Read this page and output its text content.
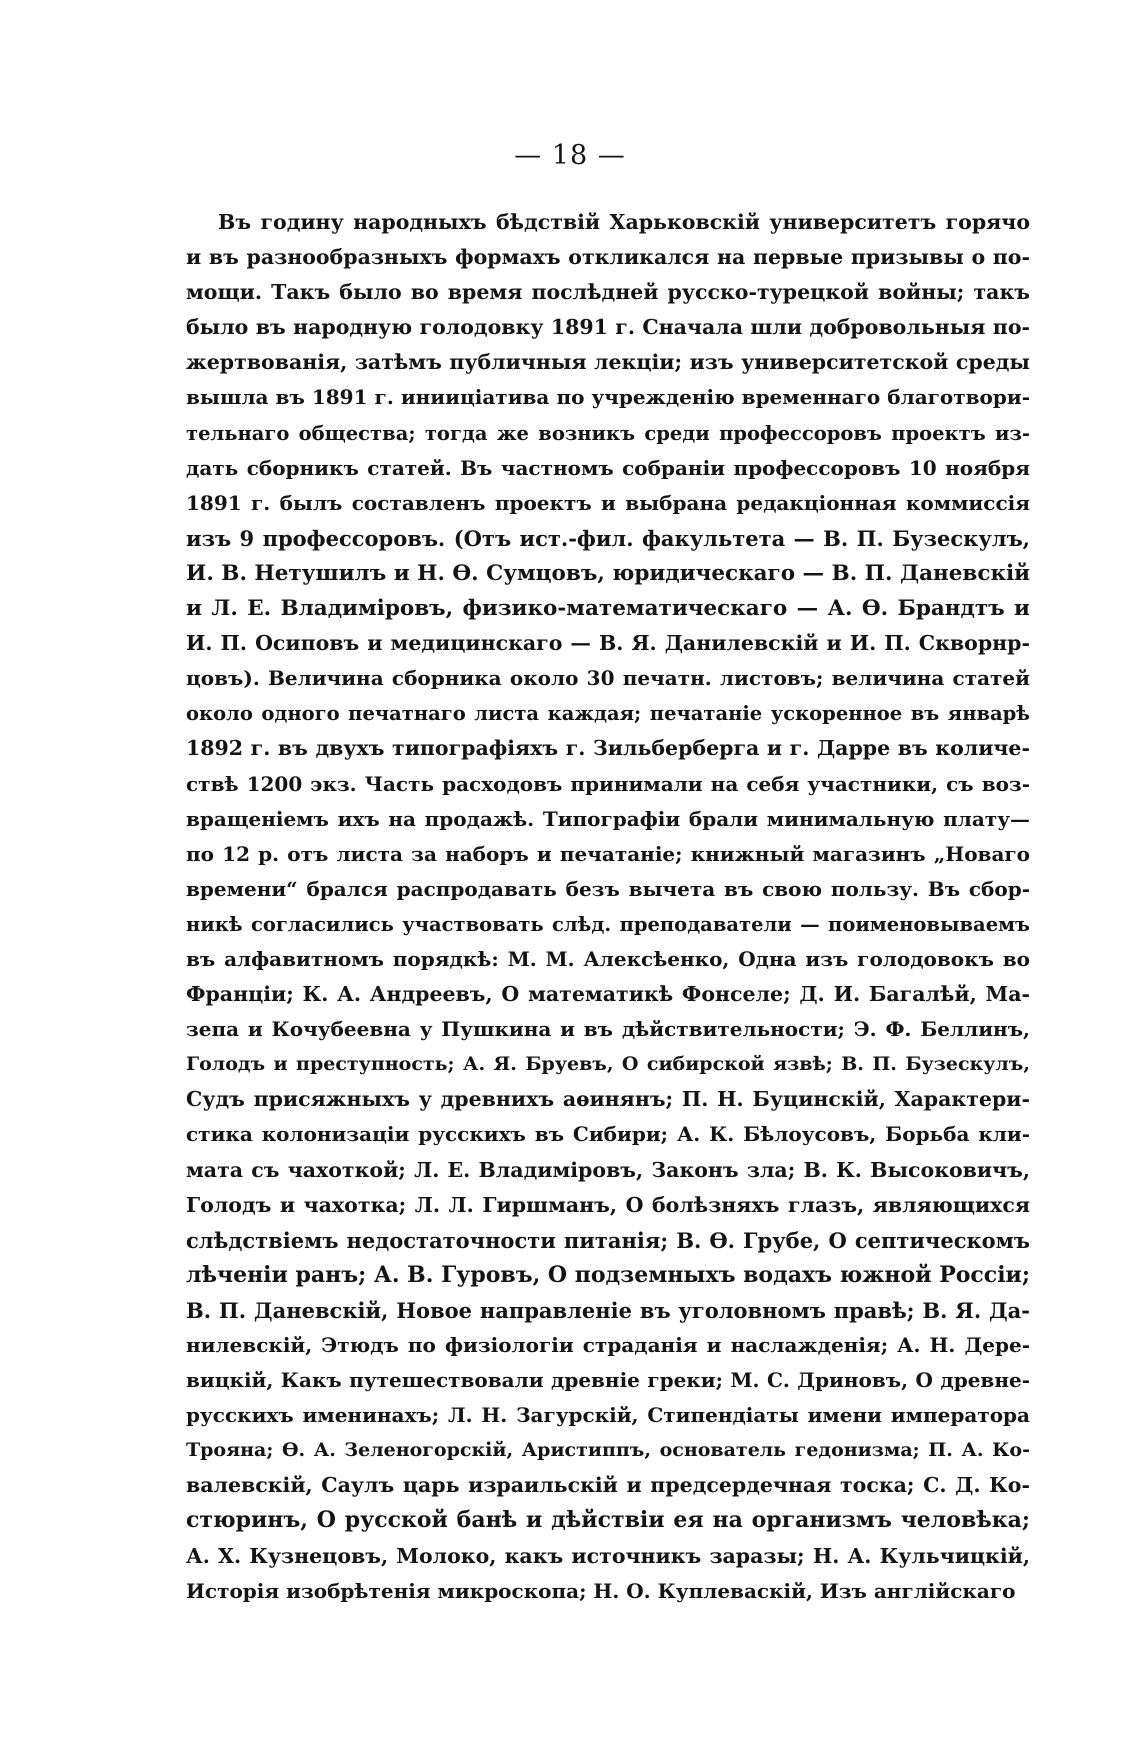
— 18 —
Въ годину народныхъ бѣдствій Харьковскій университетъ горячо
и въ разнообразныхъ формахъ откликался на первые призывы о по-
мощи. Такъ было во время послѣдней русско-турецкой войны; такъ
было въ народную голодовку 1891 г. Сначала шли добровольныя по-
жертвованія, затѣмъ публичныя лекціи; изъ университетской среды
вышла въ 1891 г. инииціатива по учрежденію временнаго благотвори-
тельнаго общества; тогда же возникъ среди профессоровъ проектъ из-
дать сборникъ статей. Въ частномъ собраніи профессоровъ 10 ноября
1891 г. былъ составленъ проектъ и выбрана редакціонная коммиссія
изъ 9 профессоровъ. (Отъ ист.-фил. факультета — В. П. Бузескулъ,
И. В. Нетушилъ и Н. Ѳ. Сумцовъ, юридическаго — В. П. Даневскій
и Л. Е. Владиміровъ, физико-математическаго — А. Ѳ. Брандтъ и
И. П. Осиповъ и медицинскаго — В. Я. Данилевскій и И. П. Скворнр-
цовъ). Величина сборника около 30 печатн. листовъ; величина статей
около одного печатнаго листа каждая; печатаніе ускоренное въ январѣ
1892 г. въ двухъ типографіяхъ г. Зильберберга и г. Дарре въ количе-
ствѣ 1200 экз. Часть расходовъ принимали на себя участники, съ воз-
вращеніемъ ихъ на продажѣ. Типографіи брали минимальную плату—
по 12 р. отъ листа за наборъ и печатаніе; книжный магазинъ „Новаго
времени“ брался распродавать безъ вычета въ свою пользу. Въ сбор-
никѣ согласились участвовать слѣд. преподаватели — поименовываемъ
въ алфавитномъ порядкѣ: М. М. Алексѣенко, Одна изъ голодовокъ во
Франціи; К. А. Андреевъ, О математикѣ Фонселе; Д. И. Багалѣй, Ма-
зепа и Кочубеевна у Пушкина и въ дѣйствительности; Э. Ф. Беллинъ,
Голодъ и преступность; А. Я. Бруевъ, О сибирской язвѣ; В. П. Бузескулъ,
Судъ присяжныхъ у древнихъ аѳинянъ; П. Н. Буцинскій, Характери-
стика колонизаціи русскихъ въ Сибири; А. К. Бѣлоусовъ, Борьба кли-
мата съ чахоткой; Л. Е. Владиміровъ, Законъ зла; В. К. Высоковичъ,
Голодъ и чахотка; Л. Л. Гиршманъ, О болѣзняхъ глазъ, являющихся
слѣдствіемъ недостаточности питанія; В. Ѳ. Грубе, О септическомъ
лѣченіи ранъ; А. В. Гуровъ, О подземныхъ водахъ южной Россіи;
В. П. Даневскій, Новое направленіе въ уголовномъ правѣ; В. Я. Да-
нилевскій, Этюдъ по физіологіи страданія и наслажденія; А. Н. Дере-
вицкій, Какъ путешествовали древніе греки; М. С. Дриновъ, О древне-
русскихъ именинахъ; Л. Н. Загурскій, Стипендіаты имени императора
Трояна; Ѳ. А. Зеленогорскій, Аристиппъ, основатель гедонизма; П. А. Ко-
валевскій, Саулъ царь израильскій и предсердечная тоска; С. Д. Ко-
стюринъ, О русской банѣ и дѣйствіи ея на организмъ человѣка;
А. Х. Кузнецовъ, Молоко, какъ источникъ заразы; Н. А. Кульчицкій,
Исторія изобрѣтенія микроскопа; Н. О. Куплеваскій, Изъ англійскаго
